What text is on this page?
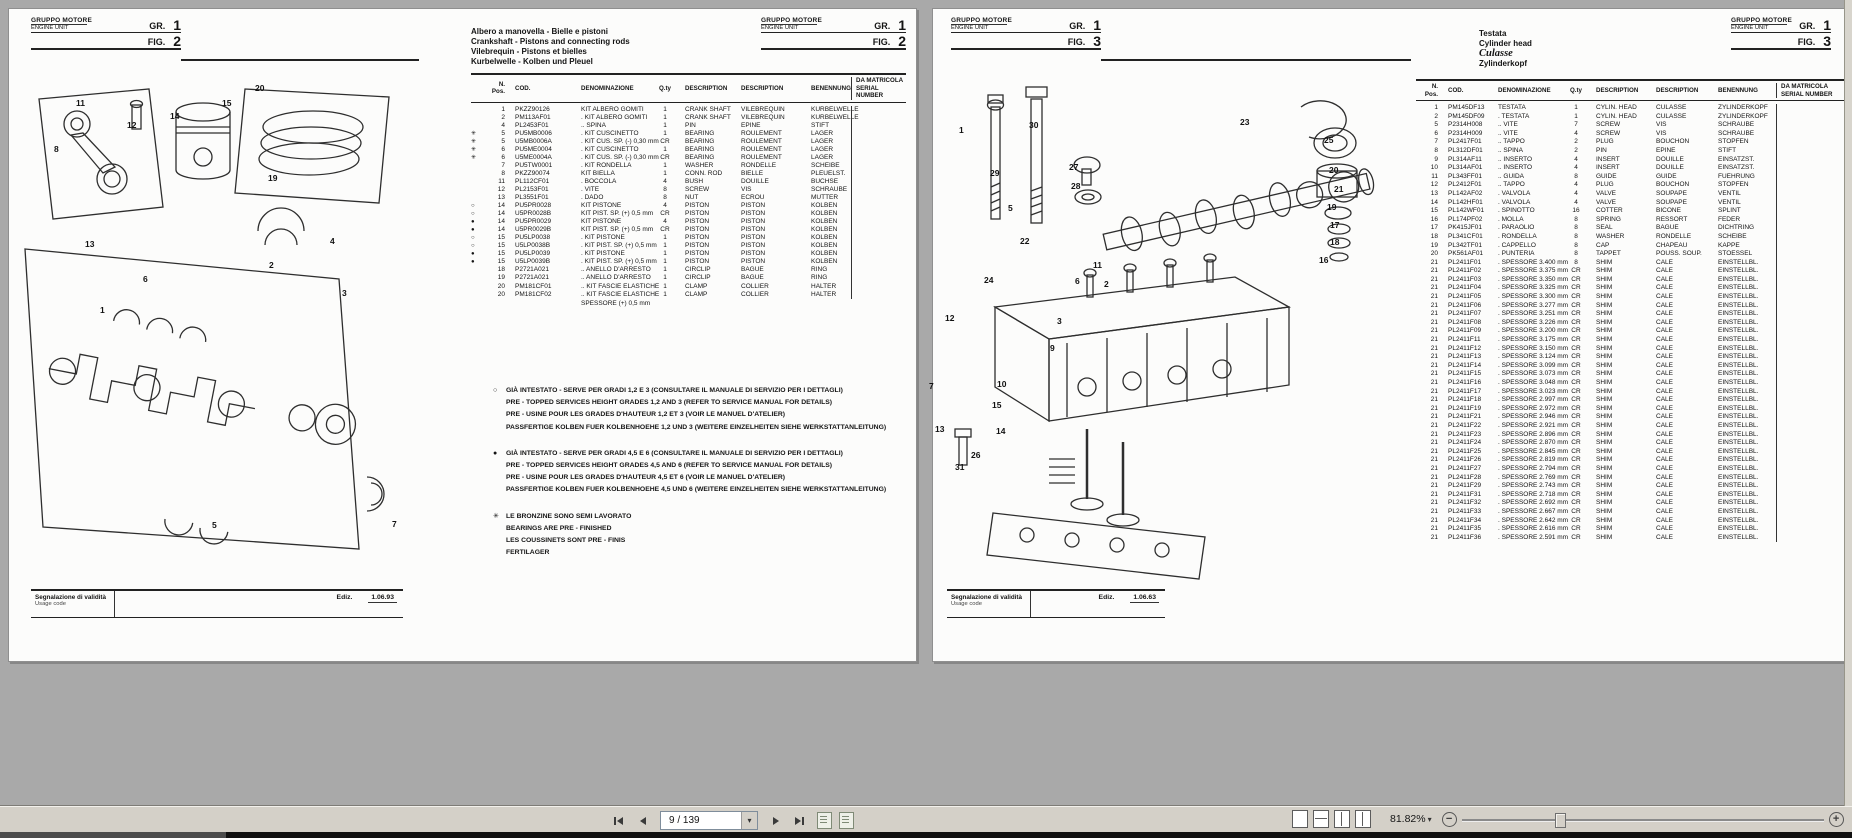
GRUPPO MOTORE
ENGINE UNIT	GR. 1
FIG. 2
Albero a manovella - Bielle e pistoni
Crankshaft - Pistons and connecting rods
Vilebrequin - Pistons et bielles
Kurbelwelle - Kolben und Pleuel
GRUPPO MOTORE
ENGINE UNIT	GR. 1
FIG. 2
N.
Pos.
COD.	DENOMINAZIONE	Q.ty	DESCRIPTION	DESCRIPTION	BENENNUNG
DA MATRICOLA
SERIAL NUMBER
1	PKZZ90126	KIT ALBERO GOMITI	1	CRANK SHAFT	VILEBREQUIN	KURBELWELLE
2	PM113AF01	. KIT ALBERO GOMITI	1	CRANK SHAFT	VILEBREQUIN	KURBELWELLE
4	PL2453F01	.. SPINA	1	PIN	EPINE	STIFT
✳	5	PU5MB0006	. KIT CUSCINETTO	1	BEARING	ROULEMENT	LAGER
✳	5	U5MB0006A	. KIT CUS. SP. (-) 0,30 mm CR	BEARING	ROULEMENT	LAGER
✳	6	PU5ME0004	. KIT CUSCINETTO	1	BEARING	ROULEMENT	LAGER
✳	6	U5ME0004A	. KIT CUS. SP. (-) 0,30 mm CR	BEARING	ROULEMENT	LAGER
7	PU5TW0001	. KIT RONDELLA	1	WASHER	RONDELLE	SCHEIBE
8	PKZZ90074	KIT BIELLA	1	CONN. ROD	BIELLE	PLEUELST.
11	PL112CF01	. BOCCOLA	4	BUSH	DOUILLE	BUCHSE
12	PL2153F01	. VITE	8	SCREW	VIS	SCHRAUBE
13	PL3551F01	. DADO	8	NUT	ECROU	MUTTER
○	14	PU5PR0028	KIT PISTONE	4	PISTON	PISTON	KOLBEN
○	14	U5PR0028B	KIT PIST. SP. (+) 0,5 mm	CR	PISTON	PISTON	KOLBEN
●	14	PU5PR0029	KIT PISTONE	4	PISTON	PISTON	KOLBEN
●	14	U5PR0029B	KIT PIST. SP. (+) 0,5 mm	CR	PISTON	PISTON	KOLBEN
○	15	PU5LP0038	. KIT PISTONE	1	PISTON	PISTON	KOLBEN
○	15	U5LP0038B	. KIT PIST. SP. (+) 0,5 mm 1	PISTON	PISTON	KOLBEN
●	15	PU5LP0039	. KIT PISTONE	1	PISTON	PISTON	KOLBEN
●	15	U5LP0039B	. KIT PIST. SP. (+) 0,5 mm 1	PISTON	PISTON	KOLBEN
18	P2721A021	.. ANELLO D'ARRESTO	1	CIRCLIP	BAGUE	RING
19	P2721A021	.. ANELLO D'ARRESTO	1	CIRCLIP	BAGUE	RING
20	PM181CF01	.. KIT FASCIE ELASTICHE 1	CLAMP	COLLIER	HALTER
20	PM181CF02	.. KIT FASCIE ELASTICHE 1	CLAMP	COLLIER	HALTER
SPESSORE (+) 0,5 mm
○	GIÀ INTESTATO - SERVE PER GRADI 1,2 E 3 (CONSULTARE IL MANUALE DI SERVIZIO PER I DETTAGLI)
PRE - TOPPED SERVICES HEIGHT GRADES 1,2 AND 3 (REFER TO SERVICE MANUAL FOR DETAILS)
PRE - USINE POUR LES GRADES D'HAUTEUR 1,2 ET 3 (VOIR LE MANUEL D'ATELIER)
PASSFERTIGE KOLBEN FUER KOLBENHOEHE 1,2 UND 3 (WEITERE EINZELHEITEN SIEHE WERKSTATTANLEITUNG)
●	GIÀ INTESTATO - SERVE PER GRADI 4,5 E 6 (CONSULTARE IL MANUALE DI SERVIZIO PER I DETTAGLI)
PRE - TOPPED SERVICES HEIGHT GRADES 4,5 AND 6 (REFER TO SERVICE MANUAL FOR DETAILS)
PRE - USINE POUR LES GRADES D'HAUTEUR 4,5 ET 6 (VOIR LE MANUEL D'ATELIER)
PASSFERTIGE KOLBEN FUER KOLBENHOEHE 4,5 UND 6 (WEITERE EINZELHEITEN SIEHE WERKSTATTANLEITUNG)
✳	LE BRONZINE SONO SEMI LAVORATO
BEARINGS ARE PRE - FINISHED
LES COUSSINETS SONT PRE - FINIS
FERTILAGER
Segnalazione di validità
Usage code
Ediz.	1.06.93
GRUPPO MOTORE
ENGINE UNIT	GR. 1
FIG. 3	Testata
Cylinder head
Culasse
Zylinderkopf
GRUPPO MOTORE
ENGINE UNIT	GR. 1
FIG. 3
N.
Pos.
COD.	DENOMINAZIONE	Q.ty	DESCRIPTION	DESCRIPTION	BENENNUNG
DA MATRICOLA
SERIAL NUMBER
1	PM145DF13	TESTATA	1	CYLIN. HEAD	CULASSE	ZYLINDERKOPF
2	PM145DF09	. TESTATA	1	CYLIN. HEAD	CULASSE	ZYLINDERKOPF
5	P2314H008	.. VITE	7	SCREW	VIS	SCHRAUBE
6	P2314H009	.. VITE	4	SCREW	VIS	SCHRAUBE
7	PL2417F01	.. TAPPO	2	PLUG	BOUCHON	STOPFEN
8	PL312DF01	.. SPINA	2	PIN	EPINE	STIFT
9	PL314AF11	.. INSERTO	4	INSERT	DOUILLE	EINSATZST.
10	PL314AF01	.. INSERTO	4	INSERT	DOUILLE	EINSATZST.
11	PL343FF01	.. GUIDA	8	GUIDE	GUIDE	FUEHRUNG
12	PL2412F01	.. TAPPO	4	PLUG	BOUCHON	STOPFEN
13	PL142AF02	. VALVOLA	4	VALVE	SOUPAPE	VENTIL
14	PL142HF01	. VALVOLA	4	VALVE	SOUPAPE	VENTIL
15	PL142WF01	. SPINOTTO	16	COTTER	BICONE	SPLINT
16	PL174PF02	. MOLLA	8	SPRING	RESSORT	FEDER
17	PK415JF01	. PARAOLIO	8	SEAL	BAGUE	DICHTRING
18	PL341CF01	. RONDELLA	8	WASHER	RONDELLE	SCHEIBE
19	PL342TF01	. CAPPELLO	8	CAP	CHAPEAU	KAPPE
20	PK561AF01	. PUNTERIA	8	TAPPET	POUSS. SOUP.	STOESSEL
21	PL2411F01	. SPESSORE 3.400 mm 8	SHIM	CALE	EINSTELLBL.
21	PL2411F02	. SPESSORE 3.375 mm CR	SHIM	CALE	EINSTELLBL.
21	PL2411F03	. SPESSORE 3.350 mm CR	SHIM	CALE	EINSTELLBL.
21	PL2411F04	. SPESSORE 3.325 mm CR	SHIM	CALE	EINSTELLBL.
21	PL2411F05	. SPESSORE 3.300 mm CR	SHIM	CALE	EINSTELLBL.
21	PL2411F06	. SPESSORE 3.277 mm CR	SHIM	CALE	EINSTELLBL.
21	PL2411F07	. SPESSORE 3.251 mm CR	SHIM	CALE	EINSTELLBL.
21	PL2411F08	. SPESSORE 3.226 mm CR	SHIM	CALE	EINSTELLBL.
21	PL2411F09	. SPESSORE 3.200 mm CR	SHIM	CALE	EINSTELLBL.
21	PL2411F11	. SPESSORE 3.175 mm CR	SHIM	CALE	EINSTELLBL.
21	PL2411F12	. SPESSORE 3.150 mm CR	SHIM	CALE	EINSTELLBL.
21	PL2411F13	. SPESSORE 3.124 mm CR	SHIM	CALE	EINSTELLBL.
21	PL2411F14	. SPESSORE 3.099 mm CR	SHIM	CALE	EINSTELLBL.
21	PL2411F15	. SPESSORE 3.073 mm CR	SHIM	CALE	EINSTELLBL.
21	PL2411F16	. SPESSORE 3.048 mm CR	SHIM	CALE	EINSTELLBL.
21	PL2411F17	. SPESSORE 3.023 mm CR	SHIM	CALE	EINSTELLBL.
21	PL2411F18	. SPESSORE 2.997 mm CR	SHIM	CALE	EINSTELLBL.
21	PL2411F19	. SPESSORE 2.972 mm CR	SHIM	CALE	EINSTELLBL.
21	PL2411F21	. SPESSORE 2.946 mm CR	SHIM	CALE	EINSTELLBL.
21	PL2411F22	. SPESSORE 2.921 mm CR	SHIM	CALE	EINSTELLBL.
21	PL2411F23	. SPESSORE 2.896 mm CR	SHIM	CALE	EINSTELLBL.
21	PL2411F24	. SPESSORE 2.870 mm CR	SHIM	CALE	EINSTELLBL.
21	PL2411F25	. SPESSORE 2.845 mm CR	SHIM	CALE	EINSTELLBL.
21	PL2411F26	. SPESSORE 2.819 mm CR	SHIM	CALE	EINSTELLBL.
21	PL2411F27	. SPESSORE 2.794 mm CR	SHIM	CALE	EINSTELLBL.
21	PL2411F28	. SPESSORE 2.769 mm CR	SHIM	CALE	EINSTELLBL.
21	PL2411F29	. SPESSORE 2.743 mm CR	SHIM	CALE	EINSTELLBL.
21	PL2411F31	. SPESSORE 2.718 mm CR	SHIM	CALE	EINSTELLBL.
21	PL2411F32	. SPESSORE 2.692 mm CR	SHIM	CALE	EINSTELLBL.
21	PL2411F33	. SPESSORE 2.667 mm CR	SHIM	CALE	EINSTELLBL.
21	PL2411F34	. SPESSORE 2.642 mm CR	SHIM	CALE	EINSTELLBL.
21	PL2411F35	. SPESSORE 2.616 mm CR	SHIM	CALE	EINSTELLBL.
21	PL2411F36	. SPESSORE 2.591 mm CR	SHIM	CALE	EINSTELLBL.
Segnalazione di validità
Usage code
Ediz.	1.06.63
11
12
8
14
15
20
19
13
2
6
1
4
3
5	7
30
29
27
28
22
24
23
25
20
21
19
17
18
16
1
5
11
6	2
3
9
10
15
14
26
31
7
13
12
9 / 139	▾	81.82% ▾	−	+
